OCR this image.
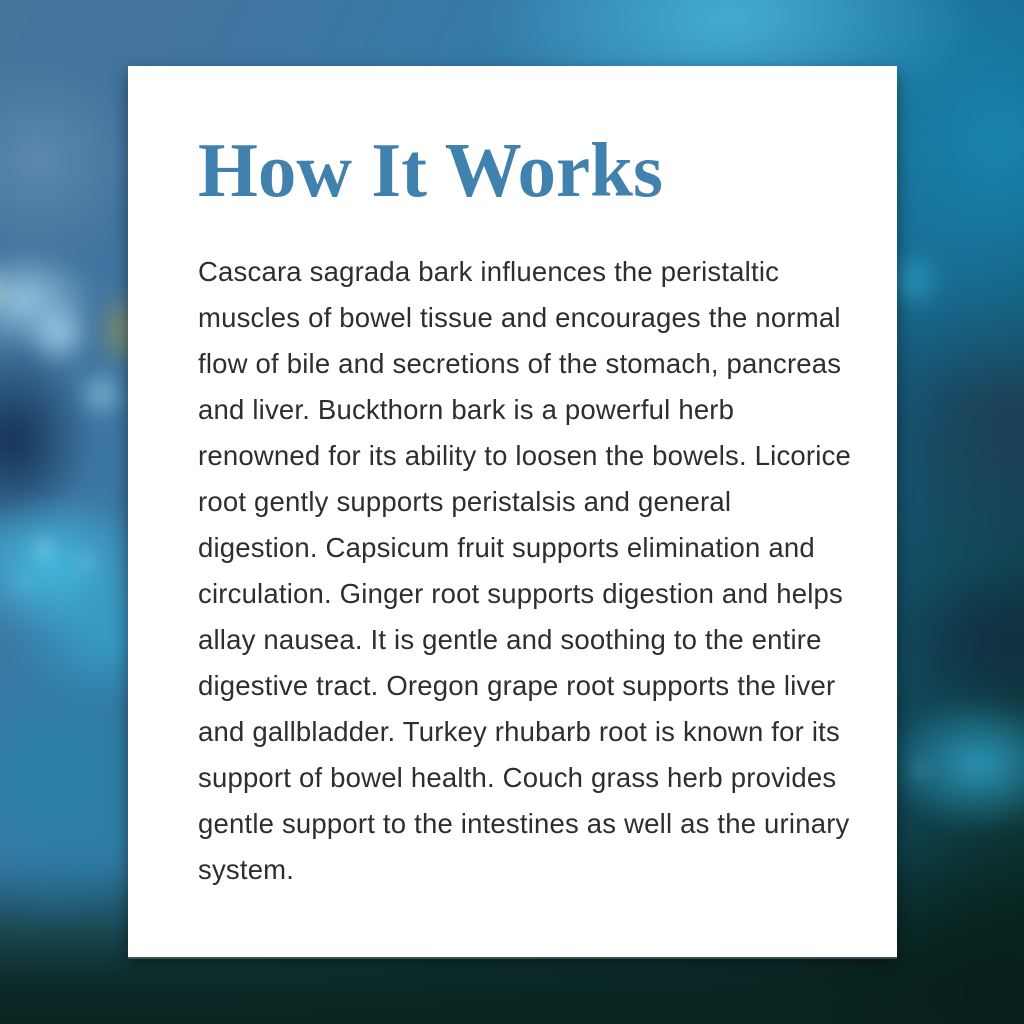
How It Works

Cascara sagrada bark influences the peristaltic muscles of bowel tissue and encourages the normal flow of bile and secretions of the stomach, pancreas and liver. Buckthorn bark is a powerful herb renowned for its ability to loosen the bowels. Licorice root gently supports peristalsis and general digestion. Capsicum fruit supports elimination and circulation. Ginger root supports digestion and helps allay nausea. It is gentle and soothing to the entire digestive tract. Oregon grape root supports the liver and gallbladder. Turkey rhubarb root is known for its support of bowel health. Couch grass herb provides gentle support to the intestines as well as the urinary system.
